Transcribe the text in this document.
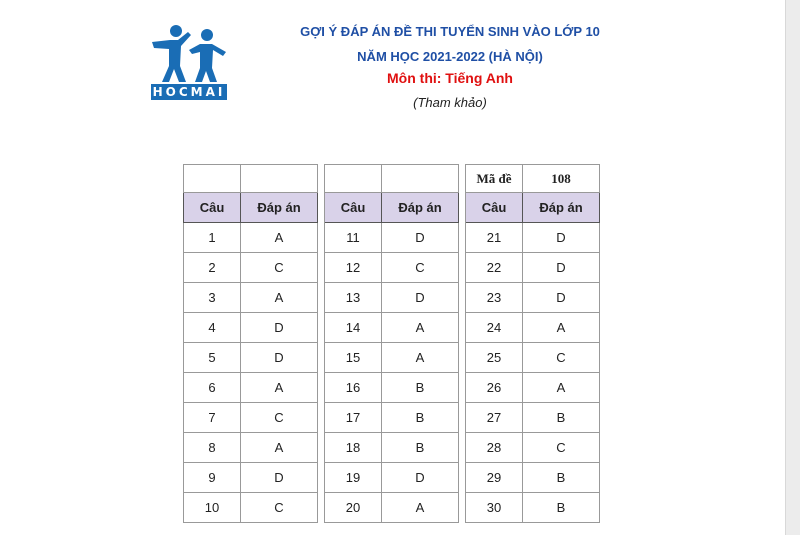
HOCMAI
GỢI Ý ĐÁP ÁN ĐỀ THI TUYỂN SINH VÀO LỚP 10
NĂM HỌC 2021-2022 (HÀ NỘI)
Môn thi: Tiếng Anh
(Tham khảo)
						Mã đề	108
Câu	Đáp án		Câu	Đáp án		Câu	Đáp án
1	A		11	D		21	D
2	C		12	C		22	D
3	A		13	D		23	D
4	D		14	A		24	A
5	D		15	A		25	C
6	A		16	B		26	A
7	C		17	B		27	B
8	A		18	B		28	C
9	D		19	D		29	B
10	C		20	A		30	B
